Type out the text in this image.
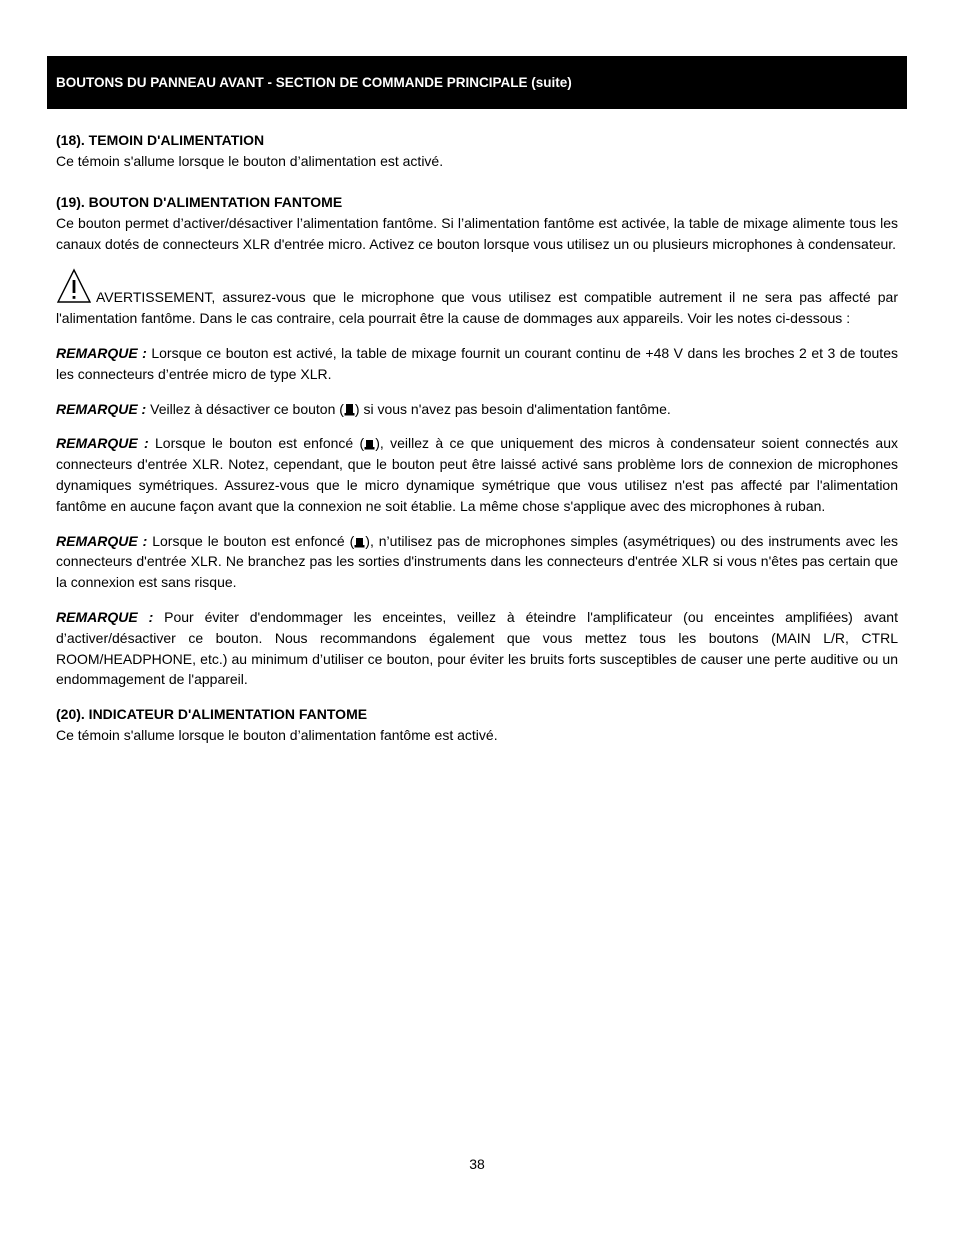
BOUTONS DU PANNEAU AVANT - SECTION DE COMMANDE PRINCIPALE (suite)

(18). TEMOIN D'ALIMENTATION

Ce témoin s'allume lorsque le bouton d’alimentation est activé.

(19). BOUTON D'ALIMENTATION FANTOME

Ce bouton permet d’activer/désactiver l’alimentation fantôme. Si l’alimentation fantôme est activée, la table de mixage alimente tous les canaux dotés de connecteurs XLR d'entrée micro. Activez ce bouton lorsque vous utilisez un ou plusieurs microphones à condensateur.

AVERTISSEMENT, assurez-vous que le microphone que vous utilisez est compatible autrement il ne sera pas affecté par l'alimentation fantôme. Dans le cas contraire, cela pourrait être la cause de dommages aux appareils. Voir les notes ci-dessous :

REMARQUE : Lorsque ce bouton est activé, la table de mixage fournit un courant continu de +48 V dans les broches 2 et 3 de toutes les connecteurs d’entrée micro de type XLR.

REMARQUE : Veillez à désactiver ce bouton ( ) si vous n'avez pas besoin d'alimentation fantôme.

REMARQUE : Lorsque le bouton est enfoncé ( ), veillez à ce que uniquement des micros à condensateur soient connectés aux connecteurs d'entrée XLR. Notez, cependant, que le bouton peut être laissé activé sans problème lors de connexion de microphones dynamiques symétriques. Assurez-vous que le micro dynamique symétrique que vous utilisez n'est pas affecté par l'alimentation fantôme en aucune façon avant que la connexion ne soit établie. La même chose s'applique avec des microphones à ruban.

REMARQUE : Lorsque le bouton est enfoncé ( ), n’utilisez pas de microphones simples (asymétriques) ou des instruments avec les connecteurs d'entrée XLR. Ne branchez pas les sorties d'instruments dans les connecteurs d'entrée XLR si vous n'êtes pas certain que la connexion est sans risque.

REMARQUE : Pour éviter d'endommager les enceintes, veillez à éteindre l'amplificateur (ou enceintes amplifiées) avant d’activer/désactiver ce bouton. Nous recommandons également que vous mettez tous les boutons (MAIN L/R, CTRL ROOM/HEADPHONE, etc.) au minimum d’utiliser ce bouton, pour éviter les bruits forts susceptibles de causer une perte auditive ou un endommagement de l'appareil.

(20). INDICATEUR D'ALIMENTATION FANTOME

Ce témoin s'allume lorsque le bouton d’alimentation fantôme est activé.

38
